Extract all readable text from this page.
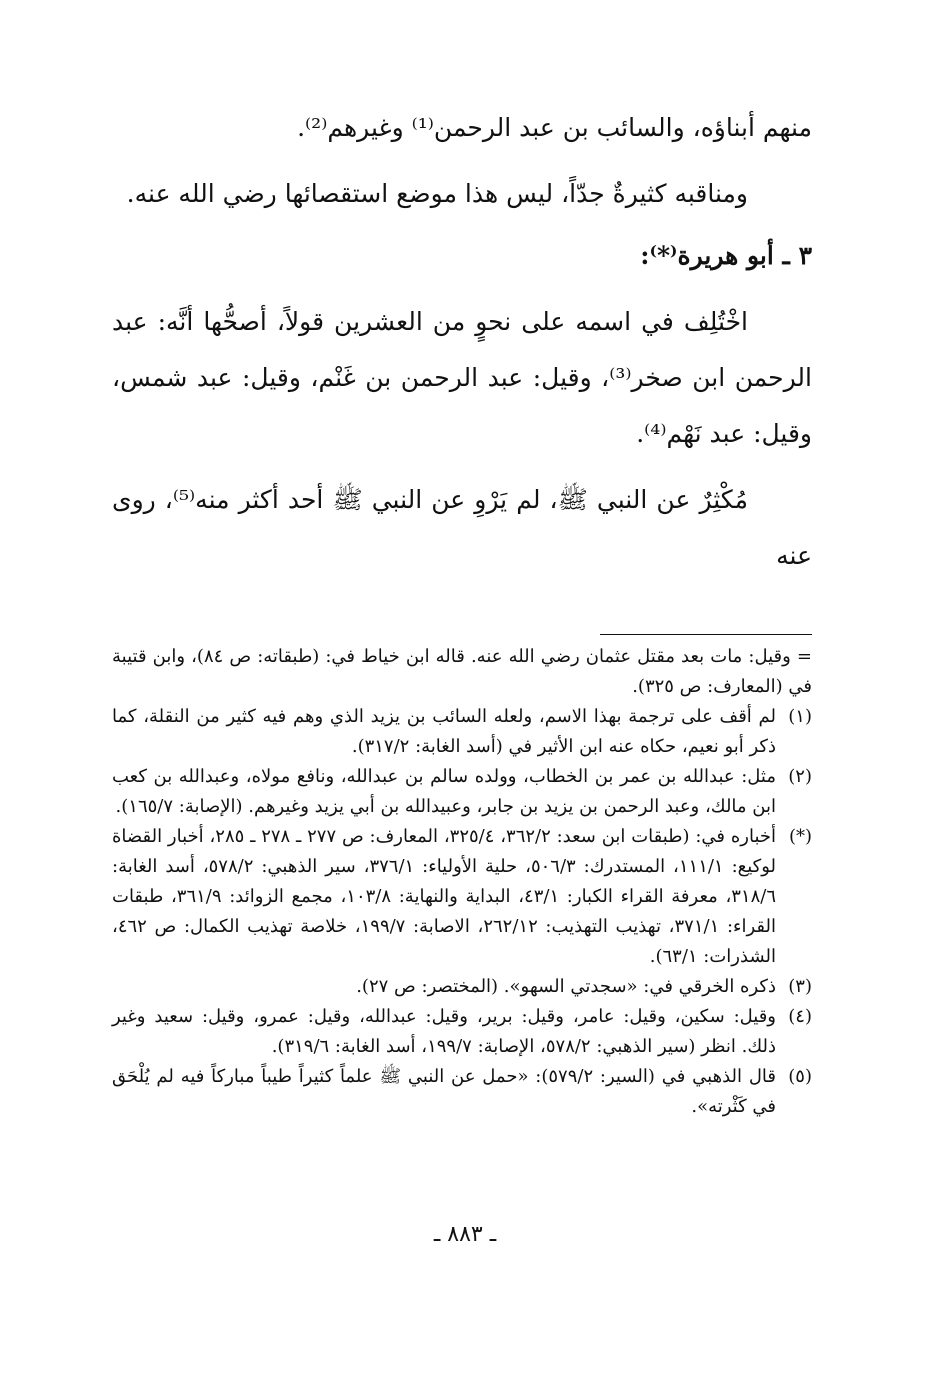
منهم أبناؤه، والسائب بن عبد الرحمن⁽¹⁾ وغيرهم⁽²⁾.

ومناقبه كثيرةٌ جدّاً، ليس هذا موضع استقصائها رضي الله عنه.

٣ ـ أبو هريرة⁽*⁾:

اخْتُلِف في اسمه على نحوٍ من العشرين قولاً، أصحُّها أنَّه: عبد الرحمن ابن صخر⁽³⁾، وقيل: عبد الرحمن بن غَنْم، وقيل: عبد شمس، وقيل: عبد نَهْم⁽⁴⁾.

مُكْثِرٌ عن النبي ﷺ، لم يَرْوِ عن النبي ﷺ أحد أكثر منه⁽⁵⁾، روى عنه

= وقيل: مات بعد مقتل عثمان رضي الله عنه. قاله ابن خياط في: (طبقاته: ص ٨٤)، وابن قتيبة في (المعارف: ص ٣٢٥).

(١)
لم أقف على ترجمة بهذا الاسم، ولعله السائب بن يزيد الذي وهم فيه كثير من النقلة، كما ذكر أبو نعيم، حكاه عنه ابن الأثير في (أسد الغابة: ٣١٧/٢).

(٢)
مثل: عبدالله بن عمر بن الخطاب، وولده سالم بن عبدالله، ونافع مولاه، وعبدالله بن كعب ابن مالك، وعبد الرحمن بن يزيد بن جابر، وعبيدالله بن أبي يزيد وغيرهم. (الإصابة: ١٦٥/٧).

(*)
أخباره في: (طبقات ابن سعد: ٣٦٢/٢، ٣٢٥/٤، المعارف: ص ٢٧٧ ـ ٢٧٨ ـ ٢٨٥، أخبار القضاة لوكيع: ١١١/١، المستدرك: ٥٠٦/٣، حلية الأولياء: ٣٧٦/١، سير الذهبي: ٥٧٨/٢، أسد الغابة: ٣١٨/٦، معرفة القراء الكبار: ٤٣/١، البداية والنهاية: ١٠٣/٨، مجمع الزوائد: ٣٦١/٩، طبقات القراء: ٣٧١/١، تهذيب التهذيب: ٢٦٢/١٢، الاصابة: ١٩٩/٧، خلاصة تهذيب الكمال: ص ٤٦٢، الشذرات: ٦٣/١).

(٣)
ذكره الخرقي في: «سجدتي السهو». (المختصر: ص ٢٧).

(٤)
وقيل: سكين، وقيل: عامر، وقيل: برير، وقيل: عبدالله، وقيل: عمرو، وقيل: سعيد وغير ذلك. انظر (سير الذهبي: ٥٧٨/٢، الإصابة: ١٩٩/٧، أسد الغابة: ٣١٩/٦).

(٥)
قال الذهبي في (السير: ٥٧٩/٢): «حمل عن النبي ﷺ علماً كثيراً طيباً مباركاً فيه لم يُلْحَق في كَثْرته».

ـ ٨٨٣ ـ
